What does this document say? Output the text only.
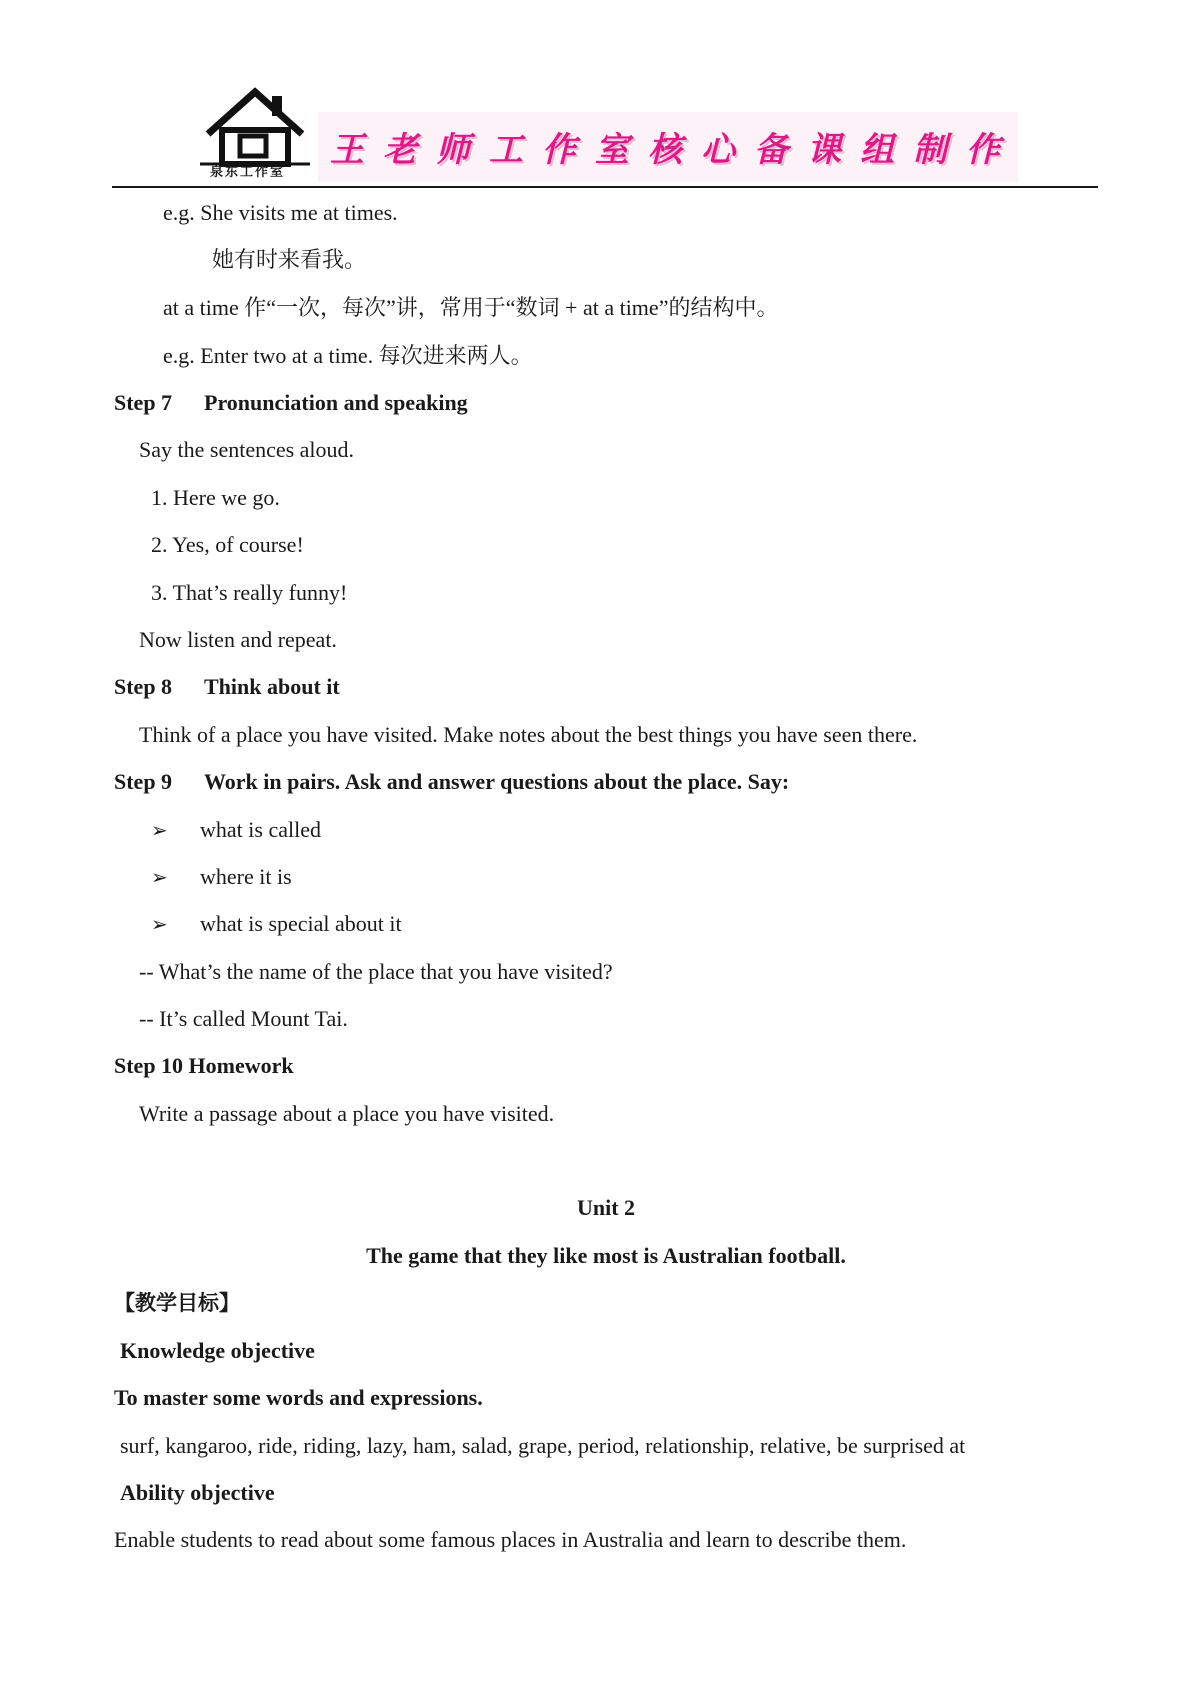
泉东工作室
王老师工作室核心备课组制作
e.g. She visits me at times.
她有时来看我。
at a time 作“一次，每次”讲，常用于“数词 + at a time”的结构中。
e.g. Enter two at a time. 每次进来两人。
Step 7 Pronunciation and speaking
Say the sentences aloud.
1. Here we go.
2. Yes, of course!
3. That’s really funny!
Now listen and repeat.
Step 8 Think about it
Think of a place you have visited. Make notes about the best things you have seen there.
Step 9 Work in pairs. Ask and answer questions about the place. Say:
➢ what is called
➢ where it is
➢ what is special about it
-- What’s the name of the place that you have visited?
-- It’s called Mount Tai.
Step 10 Homework
Write a passage about a place you have visited.
Unit 2
The game that they like most is Australian football.
【教学目标】
Knowledge objective
To master some words and expressions.
surf, kangaroo, ride, riding, lazy, ham, salad, grape, period, relationship, relative, be surprised at
Ability objective
Enable students to read about some famous places in Australia and learn to describe them.
